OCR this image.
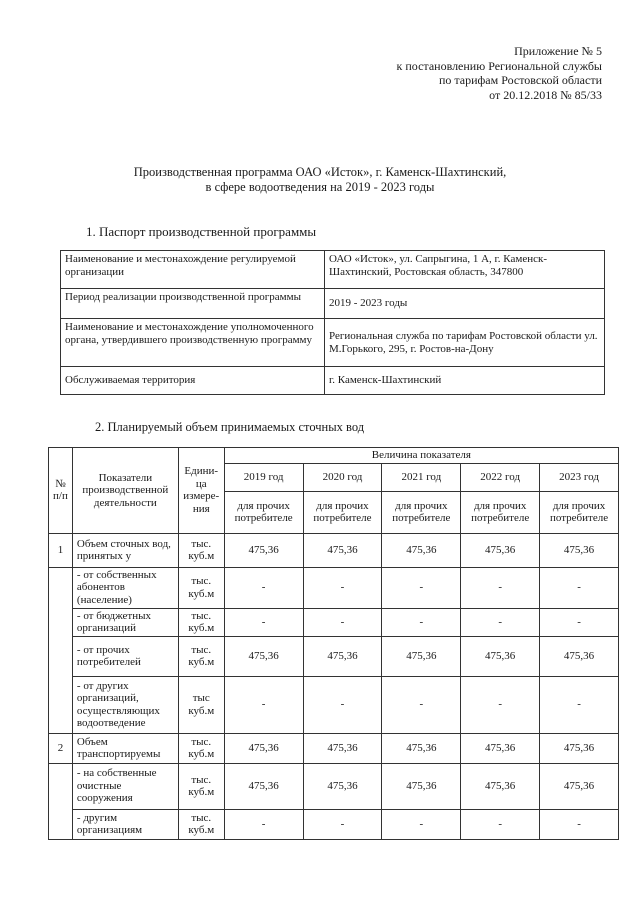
Приложение № 5
к постановлению Региональной службы
по тарифам Ростовской области
от 20.12.2018 № 85/33
Производственная программа ОАО «Исток», г. Каменск-Шахтинский,
в сфере водоотведения на 2019 - 2023 годы
1. Паспорт производственной программы
Наименование и местонахождение регулируемой организации	ОАО «Исток», ул. Сапрыгина, 1 А, г. Каменск-Шахтинский, Ростовская область, 347800
Период реализации производственной программы	2019 - 2023 годы
Наименование и местонахождение уполномоченного органа, утвердившего производственную программу	Региональная служба по тарифам Ростовской области ул. М.Горького, 295, г. Ростов-на-Дону
Обслуживаемая территория	г. Каменск-Шахтинский
2. Планируемый объем принимаемых сточных вод
№ п/п	Показатели производственной деятельности	Едини-ца измере-ния	Величина показателя				
			2019 год	2020 год	2021 год	2022 год	2023 год
			для прочих потребителе	для прочих потребителе	для прочих потребителе	для прочих потребителе	для прочих потребителе
1	Объем сточных вод, принятых у	тыс. куб.м	475,36	475,36	475,36	475,36	475,36
	- от собственных абонентов (население)	тыс. куб.м	-	-	-	-	-
	- от бюджетных организаций	тыс. куб.м	-	-	-	-	-
	- от прочих потребителей	тыс. куб.м	475,36	475,36	475,36	475,36	475,36
	- от других организаций, осуществляющих водоотведение	тыс куб.м	-	-	-	-	-
2	Объем транспортируемы	тыс. куб.м	475,36	475,36	475,36	475,36	475,36
	- на собственные очистные сооружения	тыс. куб.м	475,36	475,36	475,36	475,36	475,36
	- другим организациям	тыс. куб.м	-	-	-	-	-
